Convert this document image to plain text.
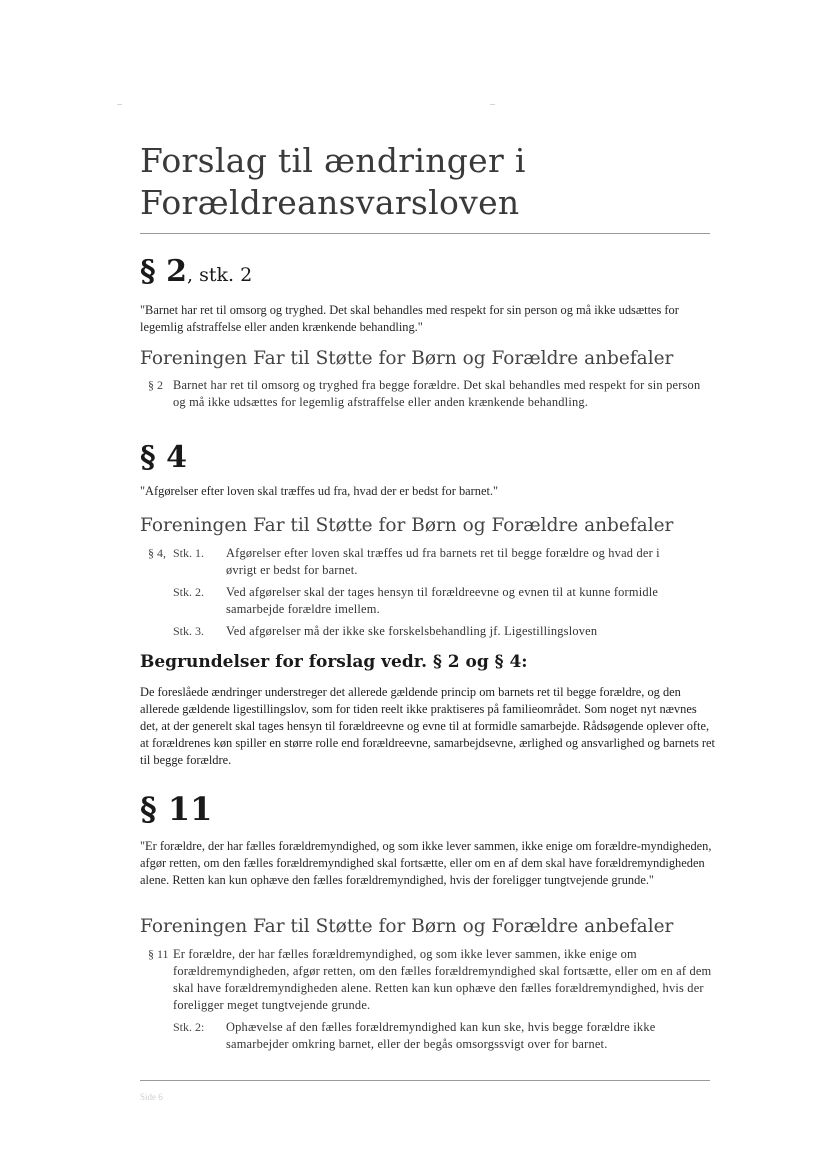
Forslag til ændringer i
Forældreansvarsloven
§ 2, stk. 2

"Barnet har ret til omsorg og tryghed. Det skal behandles med respekt for sin person og må ikke udsættes for legemlig afstraffelse eller anden krænkende behandling."

Foreningen Far til Støtte for Børn og Forældre anbefaler
§ 2 Barnet har ret til omsorg og tryghed fra begge forældre. Det skal behandles med respekt for sin person og må ikke udsættes for legemlig afstraffelse eller anden krænkende behandling.

§ 4

"Afgørelser efter loven skal træffes ud fra, hvad der er bedst for barnet."

Foreningen Far til Støtte for Børn og Forældre anbefaler
§ 4, Stk. 1. Afgørelser efter loven skal træffes ud fra barnets ret til begge forældre og hvad der i øvrigt er bedst for barnet.

Stk. 2. Ved afgørelser skal der tages hensyn til forældreevne og evnen til at kunne formidle samarbejde forældre imellem.

Stk. 3. Ved afgørelser må der ikke ske forskelsbehandling jf. Ligestillingsloven

Begrundelser for forslag vedr. § 2 og § 4:

De foreslåede ændringer understreger det allerede gældende princip om barnets ret til begge forældre, og den allerede gældende ligestillingslov, som for tiden reelt ikke praktiseres på familieområdet. Som noget nyt nævnes det, at der generelt skal tages hensyn til forældreevne og evne til at formidle samarbejde. Rådsøgende oplever ofte, at forældrenes køn spiller en større rolle end forældreevne, samarbejdsevne, ærlighed og ansvarlighed og barnets ret til begge forældre.

§ 11

"Er forældre, der har fælles forældremyndighed, og som ikke lever sammen, ikke enige om forældre-myndigheden, afgør retten, om den fælles forældremyndighed skal fortsætte, eller om en af dem skal have forældremyndigheden alene. Retten kan kun ophæve den fælles forældremyndighed, hvis der foreligger tungtvejende grunde."

Foreningen Far til Støtte for Børn og Forældre anbefaler
§ 11 Er forældre, der har fælles forældremyndighed, og som ikke lever sammen, ikke enige om forældremyndigheden, afgør retten, om den fælles forældremyndighed skal fortsætte, eller om en af dem skal have forældremyndigheden alene. Retten kan kun ophæve den fælles forældremyndighed, hvis der foreligger meget tungtvejende grunde.

Stk. 2: Ophævelse af den fælles forældremyndighed kan kun ske, hvis begge forældre ikke samarbejder omkring barnet, eller der begås omsorgssvigt over for barnet.

Side 6
